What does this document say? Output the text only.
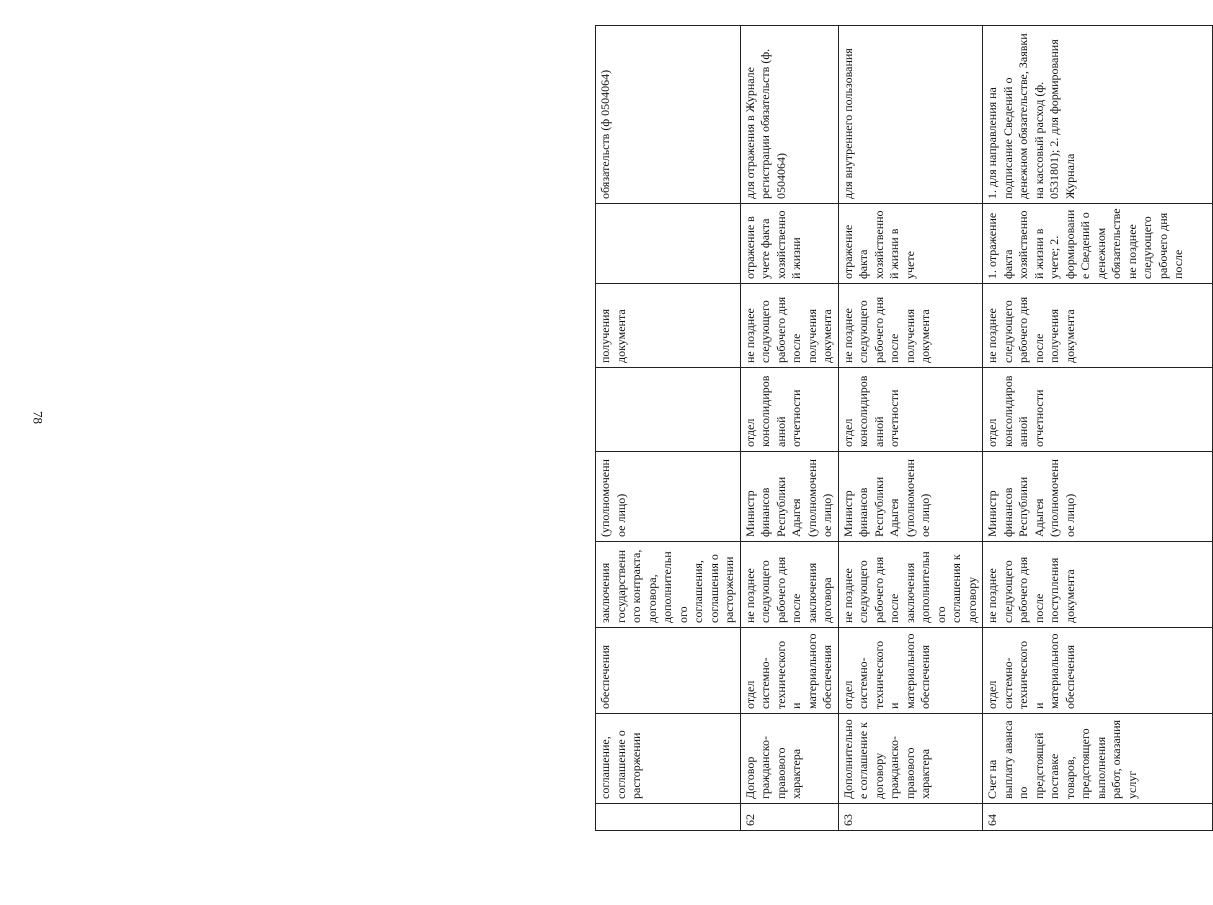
78
	соглашение, соглашение о расторжении	обеспечения	заключения государственного контракта, договора, дополнительного соглашения, соглашения о расторжении	(уполномоченное лицо)		получения документа		обязательств (ф 0504064)
62	Договор гражданско-правового характера	отдел системно-технического и материального обеспечения	не позднее следующего рабочего дня после заключения договора	Министр финансов Республики Адыгея (уполномоченное лицо)	отдел консолидированной отчетности	не позднее следующего рабочего дня после получения документа	отражение в учете факта хозяйственной жизни	для отражения в Журнале регистрации обязательств (ф. 0504064)
63	Дополнительное соглашение к договору гражданско-правового характера	отдел системно-технического и материального обеспечения	не позднее следующего рабочего дня после заключения дополнительного соглашения к договору	Министр финансов Республики Адыгея (уполномоченное лицо)	отдел консолидированной отчетности	не позднее следующего рабочего дня после получения документа	отражение факта хозяйственной жизни в учете	для внутреннего пользования
64	Счет на выплату аванса по предстоящей поставке товаров, предстоящего выполнения работ, оказания услуг	отдел системно-технического и материального обеспечения	не позднее следующего рабочего дня после поступления документа	Министр финансов Республики Адыгея (уполномоченное лицо)	отдел консолидированной отчетности	не позднее следующего рабочего дня после получения документа	1. отражение факта хозяйственной жизни в учете; 2. формирование Сведений о денежном обязательстве не позднее следующего рабочего дня после	1. для направления на подписание Сведений о денежном обязательстве, Заявки на кассовый расход (ф. 0531801); 2. для формирования Журнала
